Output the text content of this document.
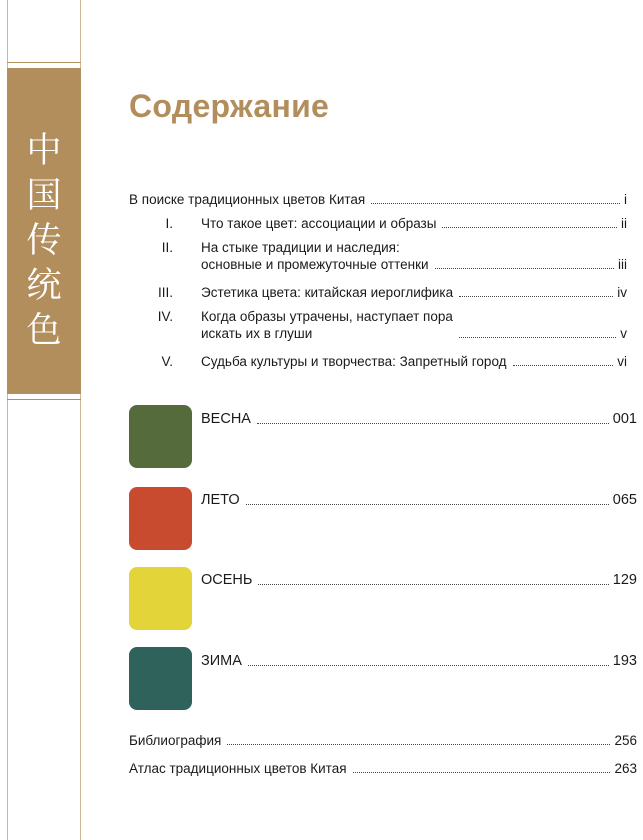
中
国
传
统
色
Содержание
В поиске традиционных цветов Китая	i
I. Что такое цвет: ассоциации и образы	ii
II. На стыке традиции и наследия:
основные и промежуточные оттенки	iii
III. Эстетика цвета: китайская иероглифика	iv
IV. Когда образы утрачены, наступает пора
искать их в глуши	v
V. Судьба культуры и творчества: Запретный город	vi
ВЕСНА	001
ЛЕТО	065
ОСЕНЬ	129
ЗИМА	193
Библиография	256
Атлас традиционных цветов Китая	263
